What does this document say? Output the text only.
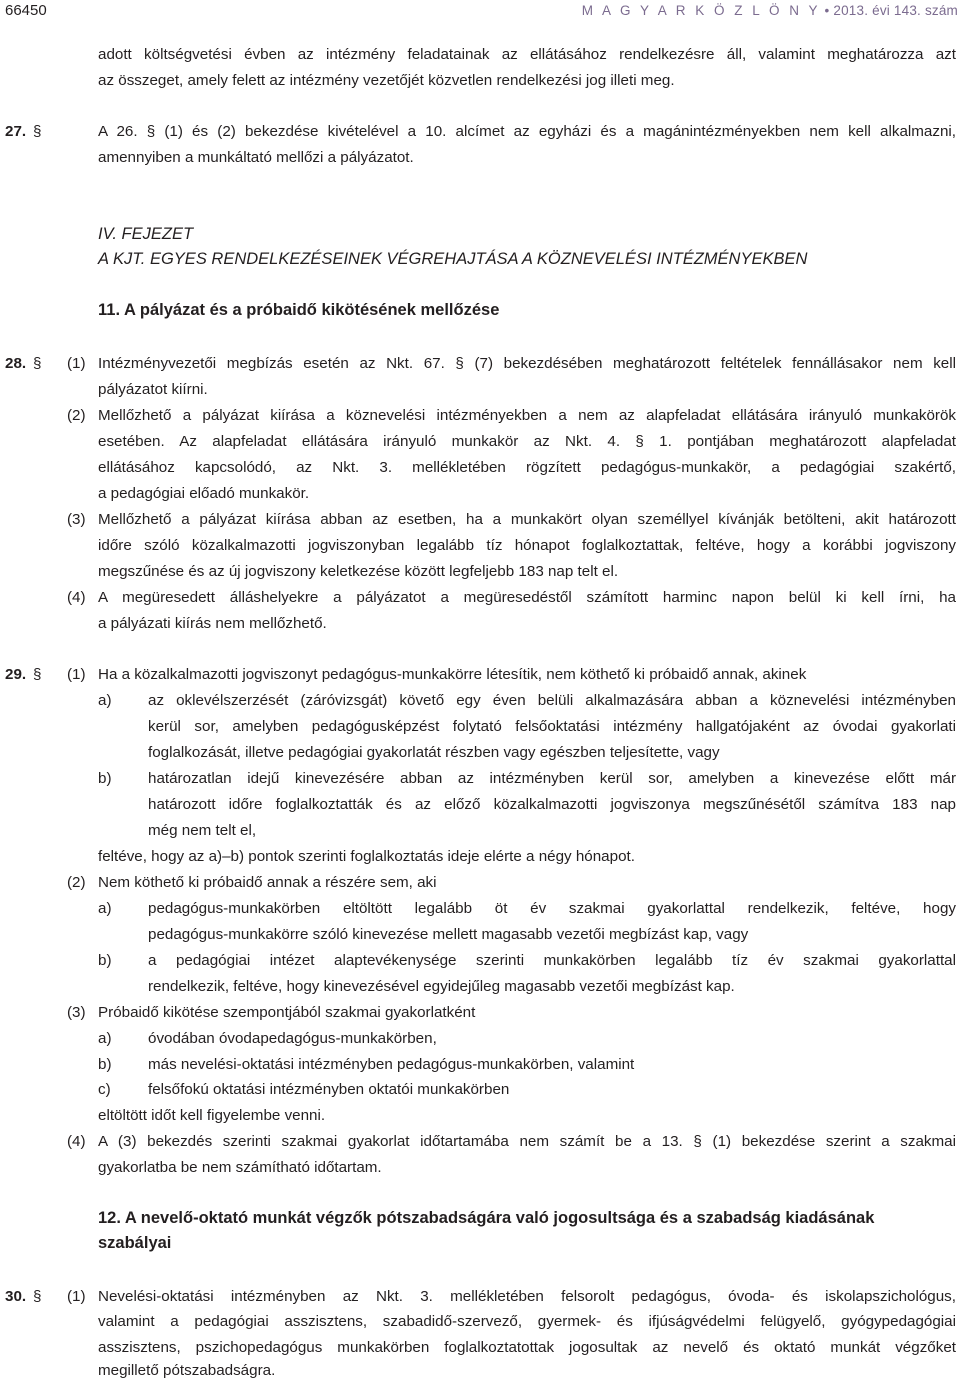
66450	M A G Y A R K Ö Z L Ö N Y • 2013. évi 143. szám
adott költségvetési évben az intézmény feladatainak az ellátásához rendelkezésre áll, valamint meghatározza azt
az összeget, amely felett az intézmény vezetőjét közvetlen rendelkezési jog illeti meg.
27. §	A 26. § (1) és (2) bekezdése kivételével a 10. alcímet az egyházi és a magánintézményekben nem kell alkalmazni,
amennyiben a munkáltató mellőzi a pályázatot.
IV. FEJEZET
A KJT. EGYES RENDELKEZÉSEINEK VÉGREHAJTÁSA A KÖZNEVELÉSI INTÉZMÉNYEKBEN
11. A pályázat és a próbaidő kikötésének mellőzése
28. § (1) Intézményvezetői megbízás esetén az Nkt. 67. § (7) bekezdésében meghatározott feltételek fennállásakor nem kell
pályázatot kiírni.
(2) Mellőzhető a pályázat kiírása a köznevelési intézményekben a nem az alapfeladat ellátására irányuló munkakörök
esetében. Az alapfeladat ellátására irányuló munkakör az Nkt. 4. § 1. pontjában meghatározott alapfeladat
ellátásához kapcsolódó, az Nkt. 3. mellékletében rögzített pedagógus-munkakör, a pedagógiai szakértő,
a pedagógiai előadó munkakör.
(3) Mellőzhető a pályázat kiírása abban az esetben, ha a munkakört olyan személlyel kívánják betölteni, akit határozott
időre szóló közalkalmazotti jogviszonyban legalább tíz hónapot foglalkoztattak, feltéve, hogy a korábbi jogviszony
megszűnése és az új jogviszony keletkezése között legfeljebb 183 nap telt el.
(4) A megüresedett álláshelyekre a pályázatot a megüresedéstől számított harminc napon belül ki kell írni, ha
a pályázati kiírás nem mellőzhető.
29. § (1) Ha a közalkalmazotti jogviszonyt pedagógus-munkakörre létesítik, nem köthető ki próbaidő annak, akinek
a)	az oklevélszerzését (záróvizsgát) követő egy éven belüli alkalmazására abban a köznevelési intézményben
kerül sor, amelyben pedagógusképzést folytató felsőoktatási intézmény hallgatójaként az óvodai gyakorlati
foglalkozását, illetve pedagógiai gyakorlatát részben vagy egészben teljesítette, vagy
b)	határozatlan idejű kinevezésére abban az intézményben kerül sor, amelyben a kinevezése előtt már
határozott időre foglalkoztatták és az előző közalkalmazotti jogviszonya megszűnésétől számítva 183 nap
még nem telt el,
feltéve, hogy az a)–b) pontok szerinti foglalkoztatás ideje elérte a négy hónapot.
(2) Nem köthető ki próbaidő annak a részére sem, aki
a)	pedagógus-munkakörben eltöltött legalább öt év szakmai gyakorlattal rendelkezik, feltéve, hogy
pedagógus-munkakörre szóló kinevezése mellett magasabb vezetői megbízást kap, vagy
b)	a pedagógiai intézet alaptevékenysége szerinti munkakörben legalább tíz év szakmai gyakorlattal
rendelkezik, feltéve, hogy kinevezésével egyidejűleg magasabb vezetői megbízást kap.
(3) Próbaidő kikötése szempontjából szakmai gyakorlatként
a)	óvodában óvodapedagógus-munkakörben,
b)	más nevelési-oktatási intézményben pedagógus-munkakörben, valamint
c)	felsőfokú oktatási intézményben oktatói munkakörben
eltöltött időt kell figyelembe venni.
(4) A (3) bekezdés szerinti szakmai gyakorlat időtartamába nem számít be a 13. § (1) bekezdése szerint a szakmai
gyakorlatba be nem számítható időtartam.
12. A nevelő-oktató munkát végzők pótszabadságára való jogosultsága és a szabadság kiadásának
szabályai
30. § (1) Nevelési-oktatási intézményben az Nkt. 3. mellékletében felsorolt pedagógus, óvoda- és iskolapszichológus,
valamint a pedagógiai asszisztens, szabadidő-szervező, gyermek- és ifjúságvédelmi felügyelő, gyógypedagógiai
asszisztens, pszichopedagógus munkakörben foglalkoztatottak jogosultak az nevelő és oktató munkát végzőket
megillető pótszabadságra.
